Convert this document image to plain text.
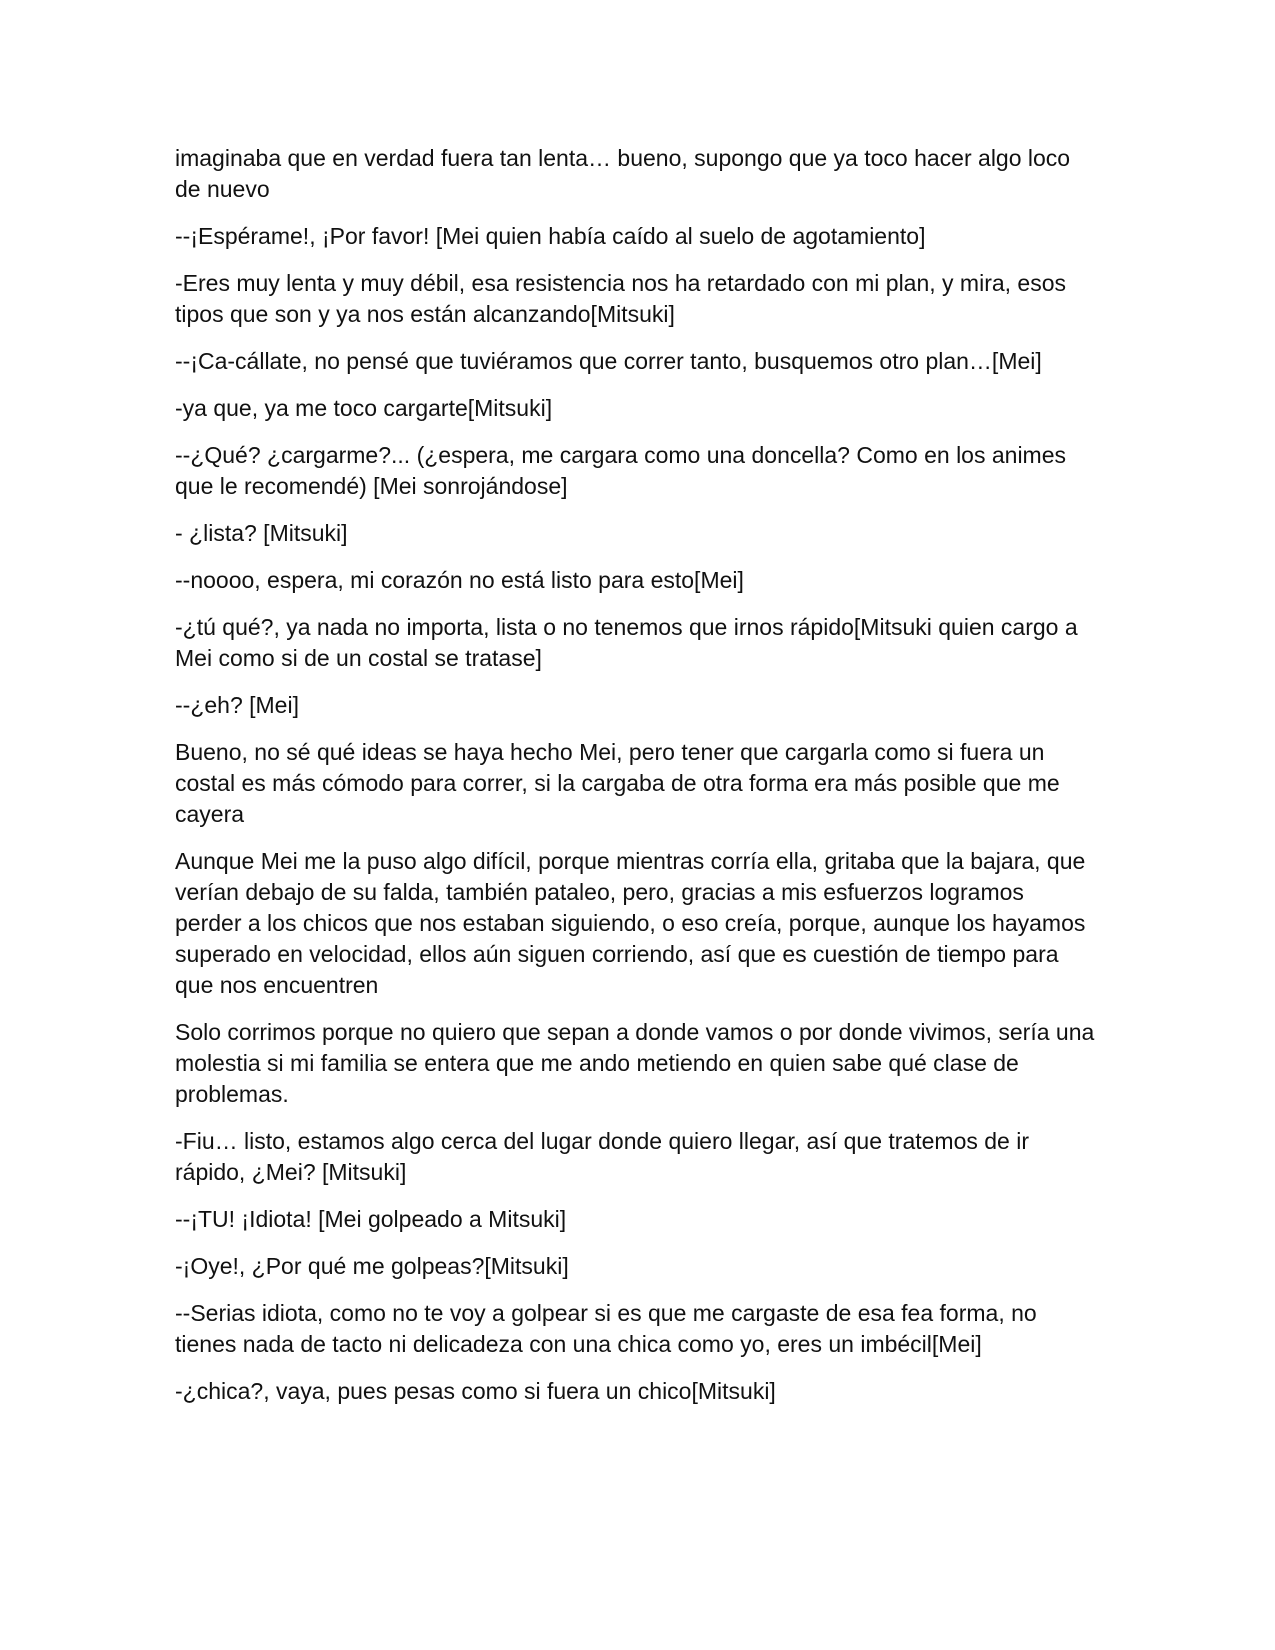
imaginaba que en verdad fuera tan lenta… bueno, supongo que ya toco hacer algo loco de nuevo

--¡Espérame!, ¡Por favor! [Mei quien había caído al suelo de agotamiento]

-Eres muy lenta y muy débil, esa resistencia nos ha retardado con mi plan, y mira, esos tipos que son y ya nos están alcanzando[Mitsuki]

--¡Ca-cállate, no pensé que tuviéramos que correr tanto, busquemos otro plan…[Mei]

-ya que, ya me toco cargarte[Mitsuki]

--¿Qué? ¿cargarme?... (¿espera, me cargara como una doncella? Como en los animes que le recomendé) [Mei sonrojándose]

- ¿lista? [Mitsuki]

--noooo, espera, mi corazón no está listo para esto[Mei]

-¿tú qué?, ya nada no importa, lista o no tenemos que irnos rápido[Mitsuki quien cargo a Mei como si de un costal se tratase]

--¿eh? [Mei]

Bueno, no sé qué ideas se haya hecho Mei, pero tener que cargarla como si fuera un costal es más cómodo para correr, si la cargaba de otra forma era más posible que me cayera

Aunque Mei me la puso algo difícil, porque mientras corría ella, gritaba que la bajara, que verían debajo de su falda, también pataleo, pero, gracias a mis esfuerzos logramos perder a los chicos que nos estaban siguiendo, o eso creía, porque, aunque los hayamos superado en velocidad, ellos aún siguen corriendo, así que es cuestión de tiempo para que nos encuentren

Solo corrimos porque no quiero que sepan a donde vamos o por donde vivimos, sería una molestia si mi familia se entera que me ando metiendo en quien sabe qué clase de problemas.

-Fiu… listo, estamos algo cerca del lugar donde quiero llegar, así que tratemos de ir rápido, ¿Mei? [Mitsuki]

--¡TU! ¡Idiota! [Mei golpeado a Mitsuki]

-¡Oye!, ¿Por qué me golpeas?[Mitsuki]

--Serias idiota, como no te voy a golpear si es que me cargaste de esa fea forma, no tienes nada de tacto ni delicadeza con una chica como yo, eres un imbécil[Mei]

-¿chica?, vaya, pues pesas como si fuera un chico[Mitsuki]
